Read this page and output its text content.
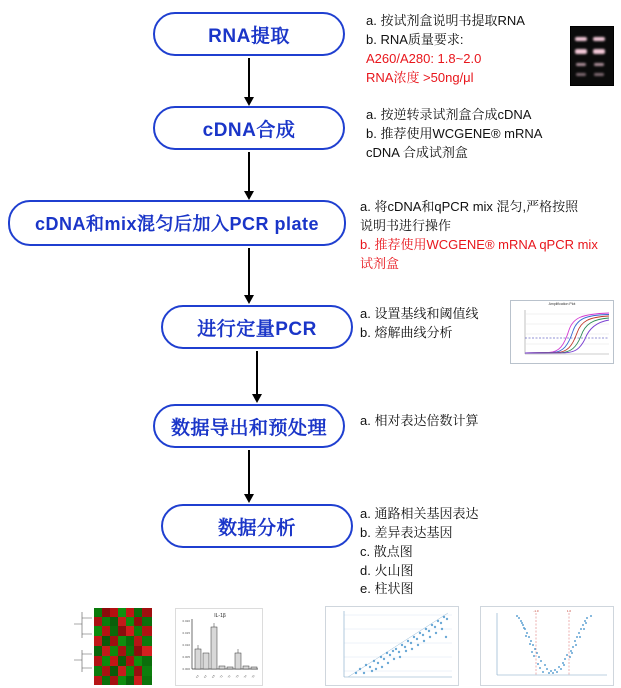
RNA提取
cDNA合成
cDNA和mix混匀后加入PCR plate
进行定量PCR
数据导出和预处理
数据分析
a. 按试剂盒说明书提取RNA
b. RNA质量要求:
A260/A280: 1.8~2.0
RNA浓度 >50ng/μl
a. 按逆转录试剂盒合成cDNA
b. 推荐使用WCGENE® mRNA
cDNA 合成试剂盒
a. 将cDNA和qPCR mix 混匀,严格按照
说明书进行操作
b. 推荐使用WCGENE® mRNA qPCR mix
试剂盒
a. 设置基线和阈值线
b. 熔解曲线分析
a. 相对表达倍数计算
a. 通路相关基因表达
b. 差异表达基因
c. 散点图
d. 火山图
e. 柱状图
Amplification Plot
IL-1β
0.000
0.005
0.010
0.015
0.020
C1	C2	C3	T1	T2	T3	T4	T5
-1.0	1.0
